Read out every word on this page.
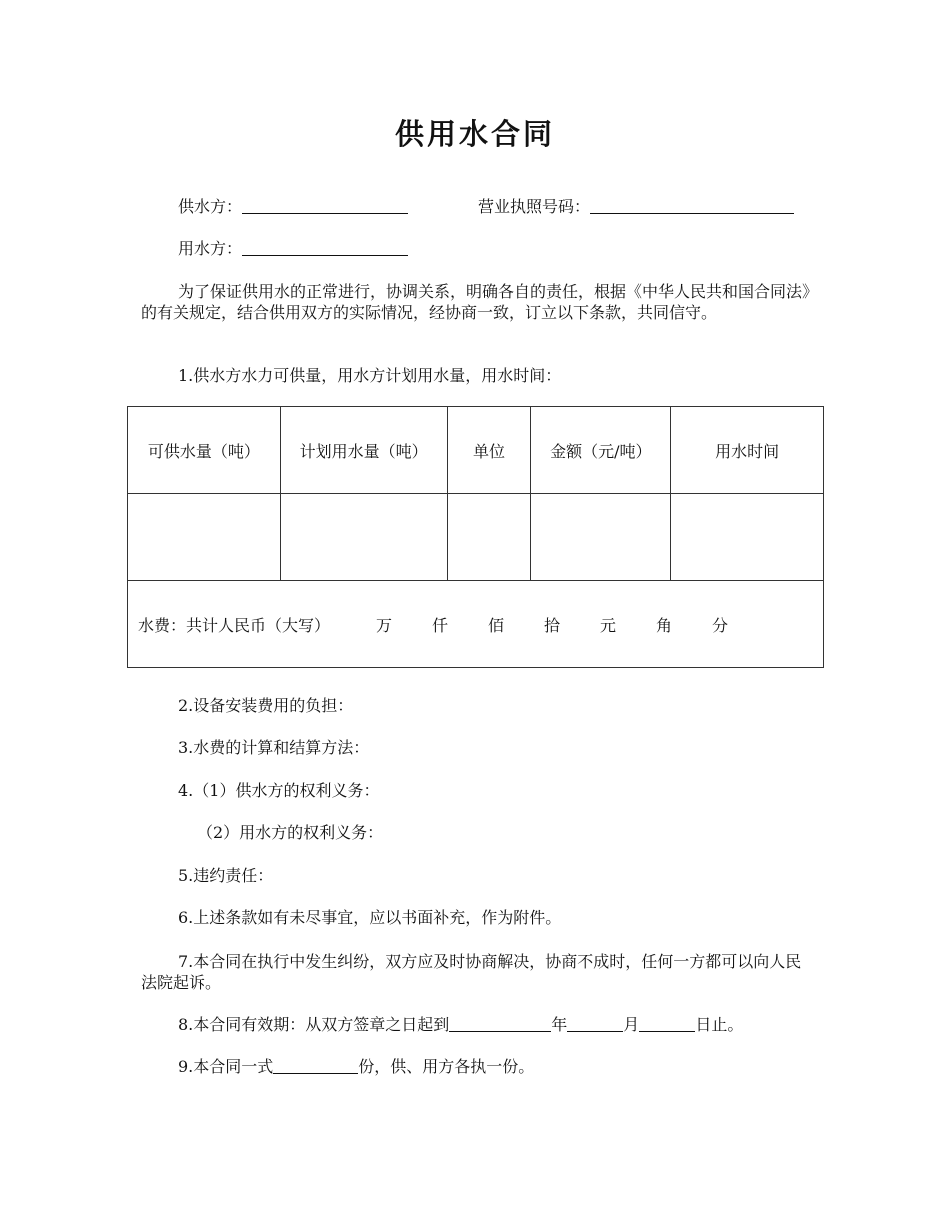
供用水合同
供水方：	营业执照号码：
用水方：
为了保证供用水的正常进行，协调关系，明确各自的责任，根据《中华人民共和国合同法》的有关规定，结合供用双方的实际情况，经协商一致，订立以下条款，共同信守。
1.供水方水力可供量，用水方计划用水量，用水时间：
可供水量（吨）	计划用水量（吨）	单位	金额（元/吨）	用水时间

水费：共计人民币（大写） 万 仟 佰 拾 元 角 分				
2.设备安装费用的负担：
3.水费的计算和结算方法：
4.（1）供水方的权利义务：
（2）用水方的权利义务：
5.违约责任：
6.上述条款如有未尽事宜，应以书面补充，作为附件。
7.本合同在执行中发生纠纷，双方应及时协商解决，协商不成时，任何一方都可以向人民法院起诉。
8.本合同有效期：从双方签章之日起到	年	月	日止。
9.本合同一式	份，供、用方各执一份。
